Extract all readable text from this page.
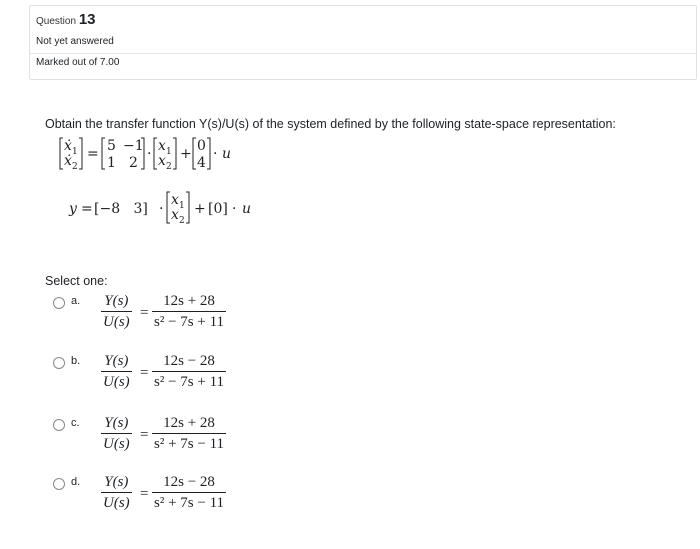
Question 13
Not yet answered
Marked out of 7.00
Obtain the transfer function Y(s)/U(s) of the system defined by the following state-space representation:
ẋ 1
ẋ 2
= 5 −1
1 2
· x 1
x 2
+ 0
4
· u
y = [−8   3] ·
x 1
x 2
+ [0] · u
Select one:
a. $\frac{Y(s)}{U(s)} = \frac{12s + 28}{\text{s² − 7s + 11}}$
b. $\frac{Y(s)}{U(s)} = \frac{12s - 28}{\text{s² − 7s + 11}}$
c. $\frac{Y(s)}{U(s)} = \frac{12s + 28}{\text{s² + 7s − 11}}$
d. $\frac{Y(s)}{U(s)} = \frac{12s - 28}{\text{s² + 7s − 11}}$
